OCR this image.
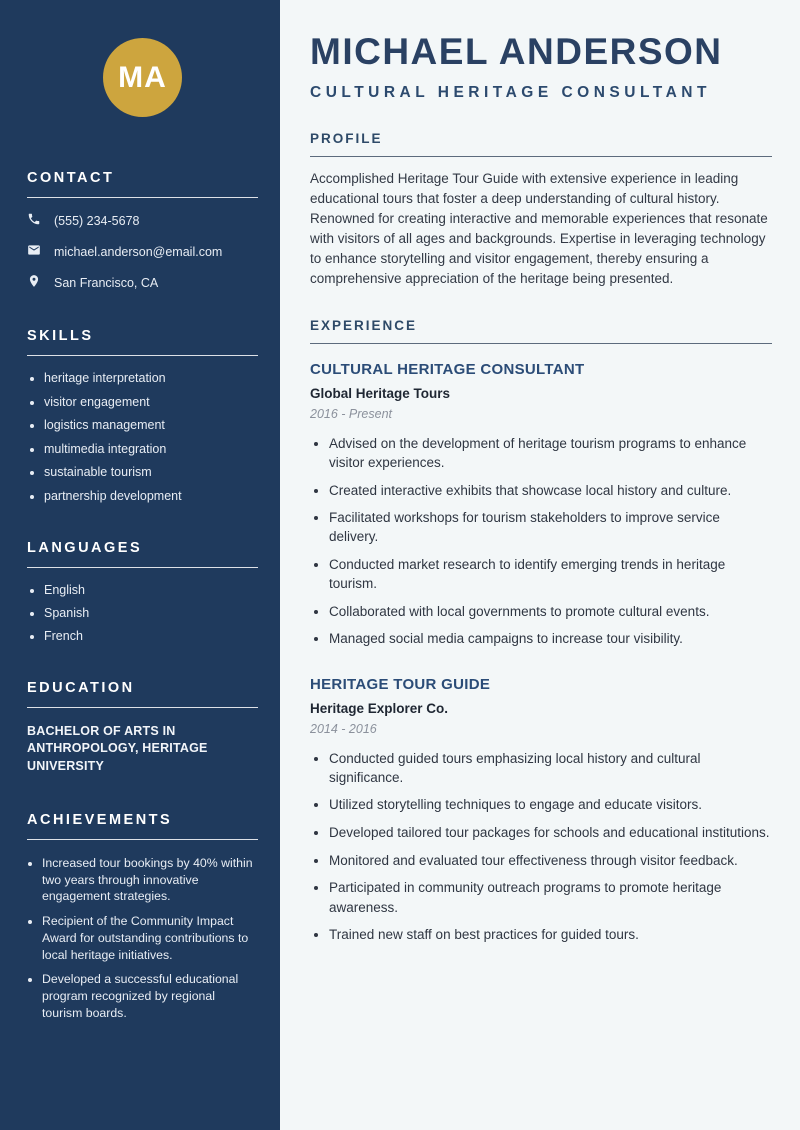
MA
CONTACT
(555) 234-5678
michael.anderson@email.com
San Francisco, CA
SKILLS
• heritage interpretation
• visitor engagement
• logistics management
• multimedia integration
• sustainable tourism
• partnership development
LANGUAGES
• English
• Spanish
• French
EDUCATION
BACHELOR OF ARTS IN ANTHROPOLOGY, HERITAGE UNIVERSITY
ACHIEVEMENTS
• Increased tour bookings by 40% within two years through innovative engagement strategies.
• Recipient of the Community Impact Award for outstanding contributions to local heritage initiatives.
• Developed a successful educational program recognized by regional tourism boards.
MICHAEL ANDERSON
CULTURAL HERITAGE CONSULTANT
PROFILE

Accomplished Heritage Tour Guide with extensive experience in leading educational tours that foster a deep understanding of cultural history. Renowned for creating interactive and memorable experiences that resonate with visitors of all ages and backgrounds. Expertise in leveraging technology to enhance storytelling and visitor engagement, thereby ensuring a comprehensive appreciation of the heritage being presented.

EXPERIENCE
CULTURAL HERITAGE CONSULTANT
Global Heritage Tours
2016 - Present
• Advised on the development of heritage tourism programs to enhance visitor experiences.
• Created interactive exhibits that showcase local history and culture.
• Facilitated workshops for tourism stakeholders to improve service delivery.
• Conducted market research to identify emerging trends in heritage tourism.
• Collaborated with local governments to promote cultural events.
• Managed social media campaigns to increase tour visibility.
HERITAGE TOUR GUIDE
Heritage Explorer Co.
2014 - 2016
• Conducted guided tours emphasizing local history and cultural significance.
• Utilized storytelling techniques to engage and educate visitors.
• Developed tailored tour packages for schools and educational institutions.
• Monitored and evaluated tour effectiveness through visitor feedback.
• Participated in community outreach programs to promote heritage awareness.
• Trained new staff on best practices for guided tours.
